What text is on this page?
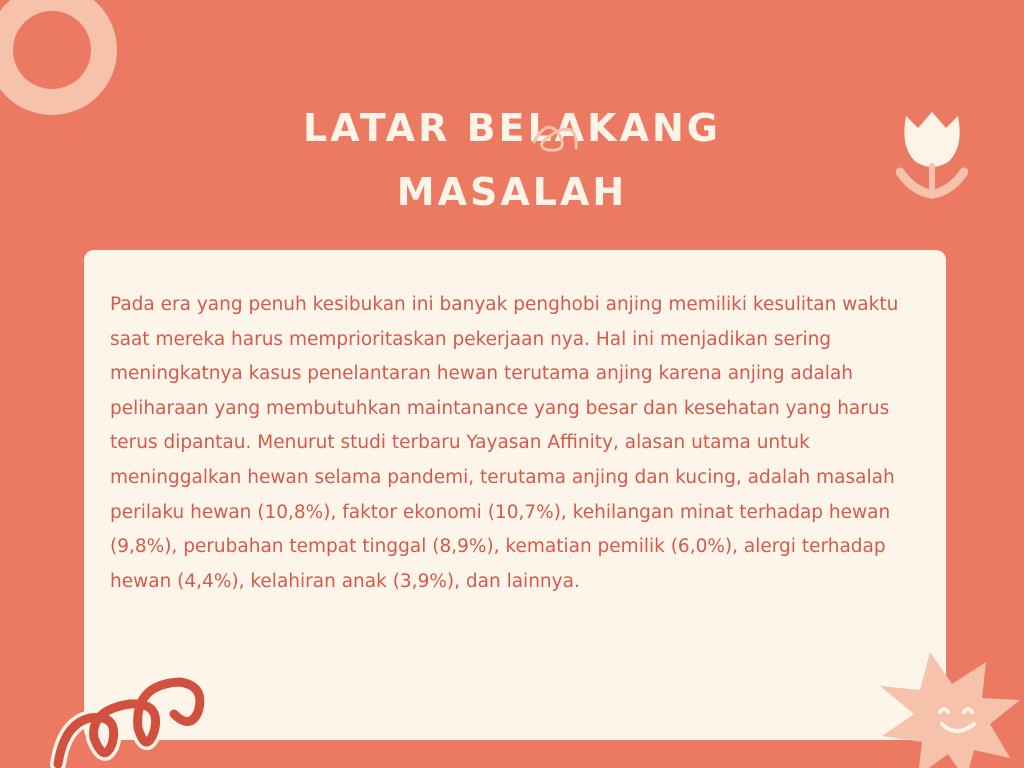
LATAR BELAKANG
MASALAH

Pada era yang penuh kesibukan ini banyak penghobi anjing memiliki kesulitan waktu saat mereka harus memprioritaskan pekerjaan nya. Hal ini menjadikan sering meningkatnya kasus penelantaran hewan terutama anjing karena anjing adalah peliharaan yang membutuhkan maintanance yang besar dan kesehatan yang harus terus dipantau. Menurut studi terbaru Yayasan Affinity, alasan utama untuk meninggalkan hewan selama pandemi, terutama anjing dan kucing, adalah masalah perilaku hewan (10,8%), faktor ekonomi (10,7%), kehilangan minat terhadap hewan (9,8%), perubahan tempat tinggal (8,9%), kematian pemilik (6,0%), alergi terhadap hewan (4,4%), kelahiran anak (3,9%), dan lainnya.
